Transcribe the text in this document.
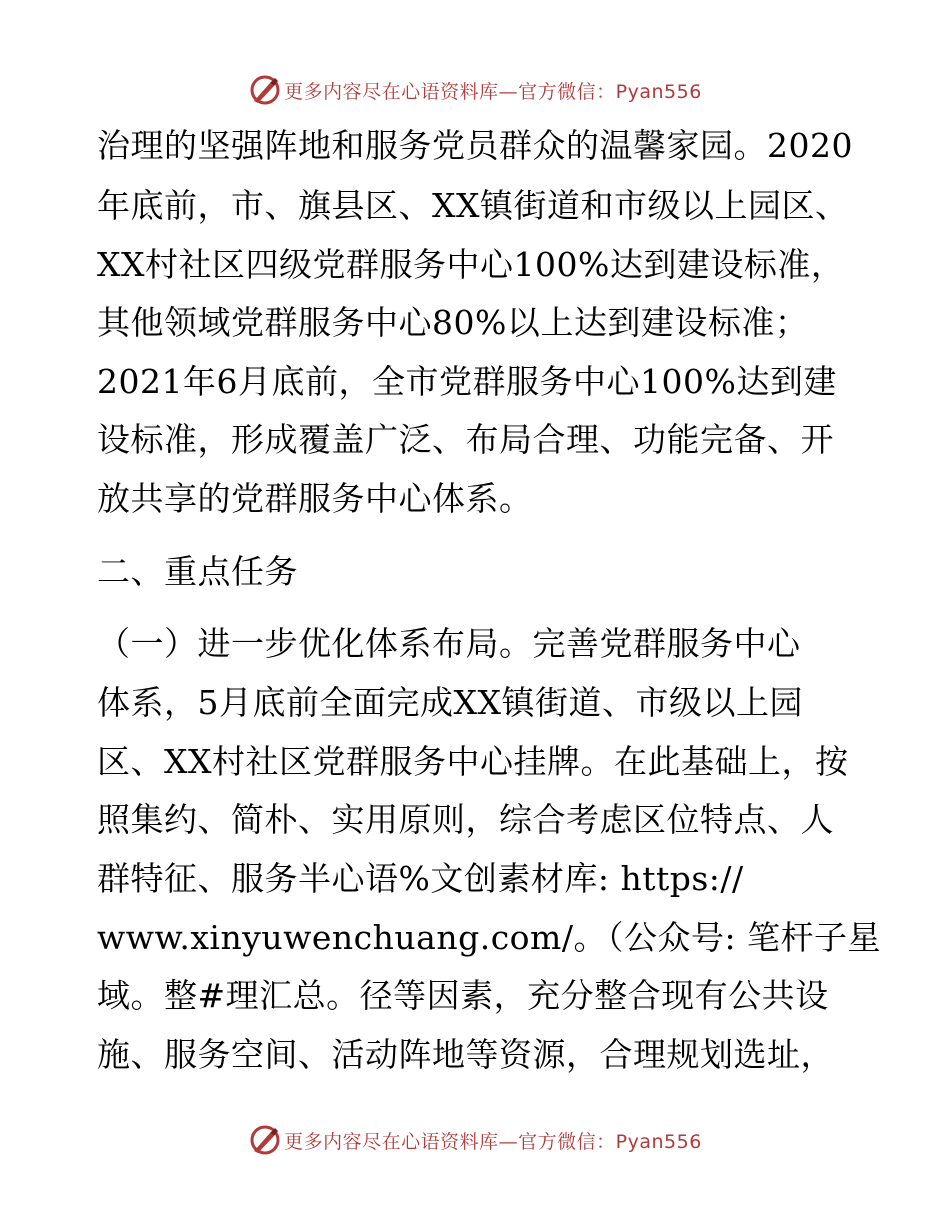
更多内容尽在心语资料库—官方微信：Pyan556
治理的坚强阵地和服务党员群众的温馨家园。2020
年底前，市、旗县区、XX镇街道和市级以上园区、
XX村社区四级党群服务中心100%达到建设标准，
其他领域党群服务中心80%以上达到建设标准；
2021年6月底前，全市党群服务中心100%达到建
设标准，形成覆盖广泛、布局合理、功能完备、开
放共享的党群服务中心体系。
二、重点任务
（一）进一步优化体系布局。完善党群服务中心
体系，5月底前全面完成XX镇街道、市级以上园
区、XX村社区党群服务中心挂牌。在此基础上，按
照集约、简朴、实用原则，综合考虑区位特点、人
群特征、服务半心语%文创素材库: https://
www.xinyuwenchuang.com/。（公众号: 笔杆子星
域。整#理汇总。径等因素，充分整合现有公共设
施、服务空间、活动阵地等资源，合理规划选址，
更多内容尽在心语资料库—官方微信：Pyan556
